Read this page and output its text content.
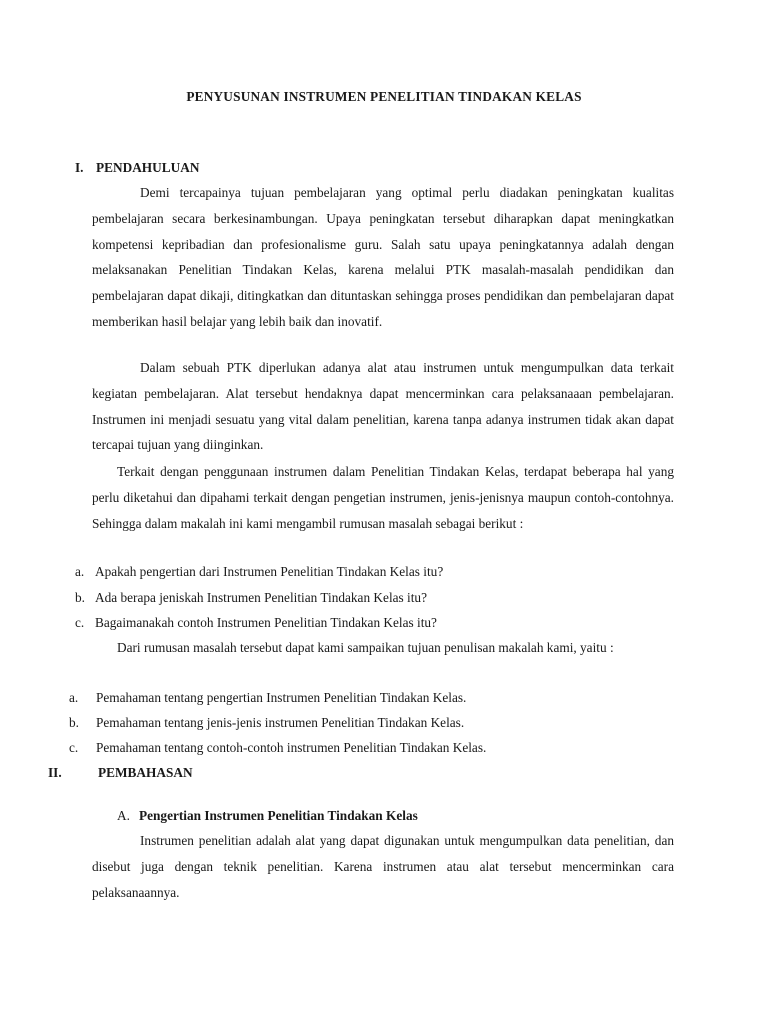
PENYUSUNAN INSTRUMEN PENELITIAN TINDAKAN KELAS
I. PENDAHULUAN

Demi tercapainya tujuan pembelajaran yang optimal perlu diadakan peningkatan kualitas pembelajaran secara berkesinambungan. Upaya peningkatan tersebut diharapkan dapat meningkatkan kompetensi kepribadian dan profesionalisme guru. Salah satu upaya peningkatannya adalah dengan melaksanakan Penelitian Tindakan Kelas, karena melalui PTK masalah-masalah pendidikan dan pembelajaran dapat dikaji, ditingkatkan dan dituntaskan sehingga proses pendidikan dan pembelajaran dapat memberikan hasil belajar yang lebih baik dan inovatif.

Dalam sebuah PTK diperlukan adanya alat atau instrumen untuk mengumpulkan data terkait kegiatan pembelajaran. Alat tersebut hendaknya dapat mencerminkan cara pelaksanaaan pembelajaran. Instrumen ini menjadi sesuatu yang vital dalam penelitian, karena tanpa adanya instrumen tidak akan dapat tercapai tujuan yang diinginkan.

Terkait dengan penggunaan instrumen dalam Penelitian Tindakan Kelas, terdapat beberapa hal yang perlu diketahui dan dipahami terkait dengan pengetian instrumen, jenis-jenisnya maupun contoh-contohnya. Sehingga dalam makalah ini kami mengambil rumusan masalah sebagai berikut :

a. Apakah pengertian dari Instrumen Penelitian Tindakan Kelas itu?
b. Ada berapa jeniskah Instrumen Penelitian Tindakan Kelas itu?
c. Bagaimanakah contoh Instrumen Penelitian Tindakan Kelas itu?

Dari rumusan masalah tersebut dapat kami sampaikan tujuan penulisan makalah kami, yaitu :

a. Pemahaman tentang pengertian Instrumen Penelitian Tindakan Kelas.
b. Pemahaman tentang jenis-jenis instrumen Penelitian Tindakan Kelas.
c. Pemahaman tentang contoh-contoh instrumen Penelitian Tindakan Kelas.
II.	PEMBAHASAN
A. Pengertian Instrumen Penelitian Tindakan Kelas

Instrumen penelitian adalah alat yang dapat digunakan untuk mengumpulkan data penelitian, dan disebut juga dengan teknik penelitian. Karena instrumen atau alat tersebut mencerminkan cara pelaksanaannya.
